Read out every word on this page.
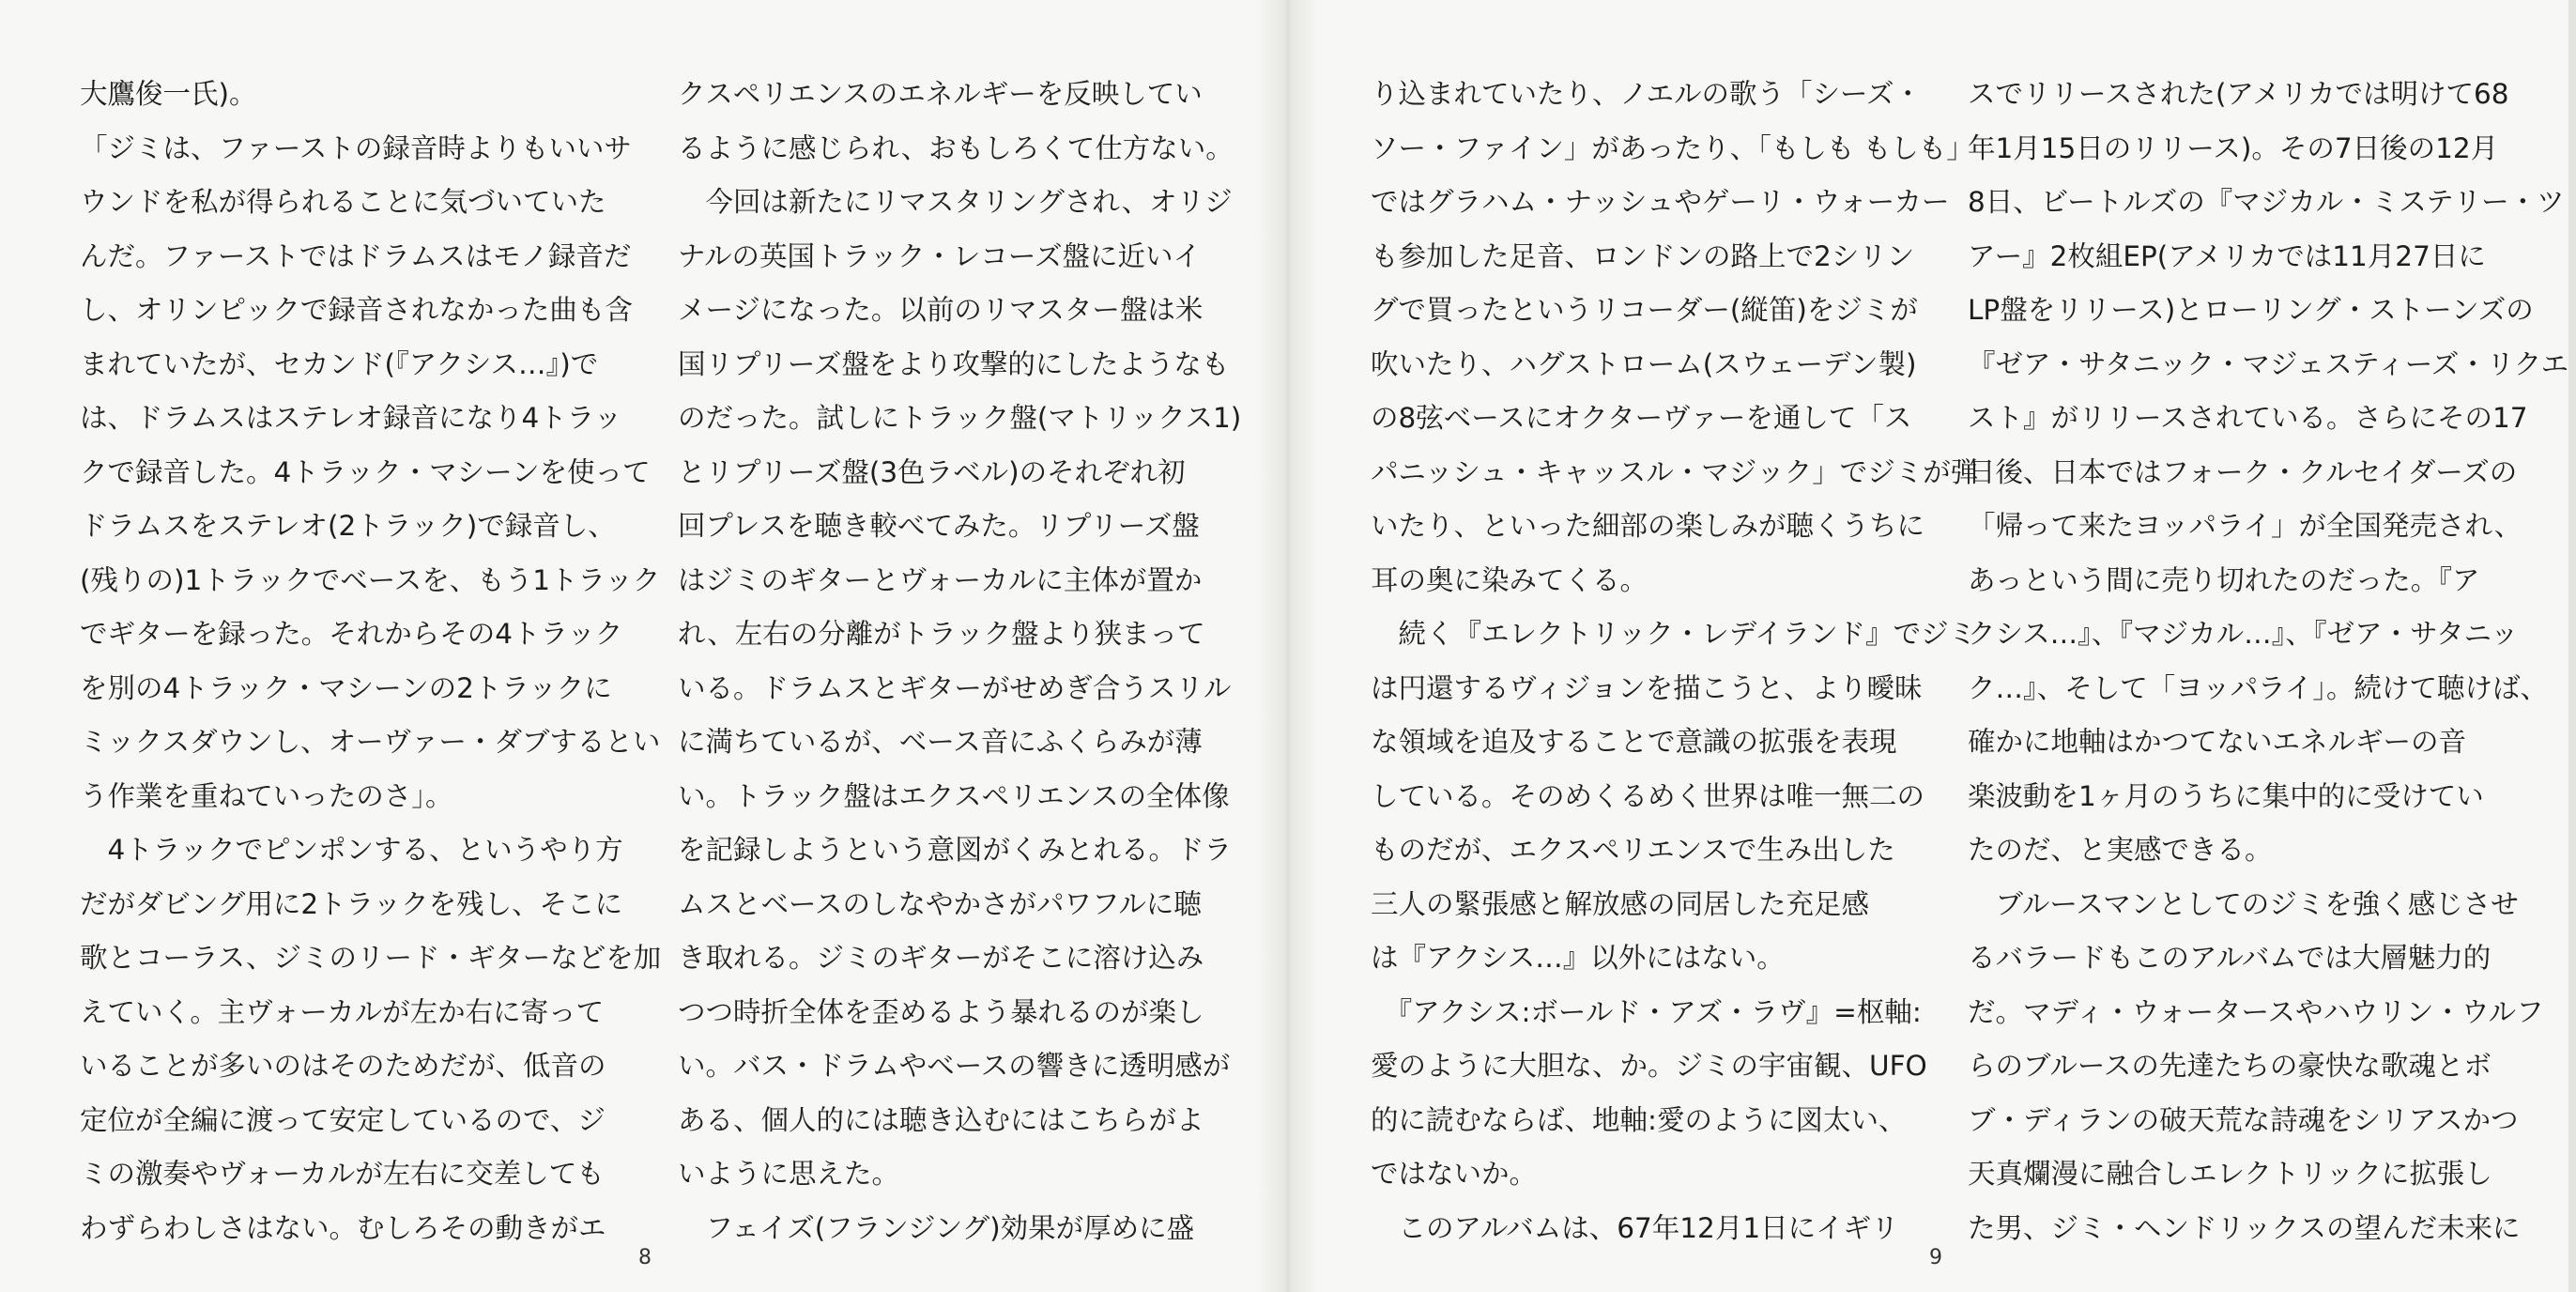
大鷹俊一氏)。
「ジミは、ファーストの録音時よりもいいサ
ウンドを私が得られることに気づいていた
んだ。ファーストではドラムスはモノ録音だ
し、オリンピックで録音されなかった曲も含
まれていたが、セカンド(『アクシス…』)で
は、ドラムスはステレオ録音になり4トラッ
クで録音した。4トラック・マシーンを使って
ドラムスをステレオ(2トラック)で録音し、
(残りの)1トラックでベースを、もう1トラック
でギターを録った。それからその4トラック
を別の4トラック・マシーンの2トラックに
ミックスダウンし、オーヴァー・ダブするとい
う作業を重ねていったのさ」。
　4トラックでピンポンする、というやり方
だがダビング用に2トラックを残し、そこに
歌とコーラス、ジミのリード・ギターなどを加
えていく。主ヴォーカルが左か右に寄って
いることが多いのはそのためだが、低音の
定位が全編に渡って安定しているので、ジ
ミの激奏やヴォーカルが左右に交差しても
わずらわしさはない。むしろその動きがエ
クスペリエンスのエネルギーを反映してい
るように感じられ、おもしろくて仕方ない。
　今回は新たにリマスタリングされ、オリジ
ナルの英国トラック・レコーズ盤に近いイ
メージになった。以前のリマスター盤は米
国リプリーズ盤をより攻撃的にしたようなも
のだった。試しにトラック盤(マトリックス1)
とリプリーズ盤(3色ラベル)のそれぞれ初
回プレスを聴き較べてみた。リプリーズ盤
はジミのギターとヴォーカルに主体が置か
れ、左右の分離がトラック盤より狭まって
いる。ドラムスとギターがせめぎ合うスリル
に満ちているが、ベース音にふくらみが薄
い。トラック盤はエクスペリエンスの全体像
を記録しようという意図がくみとれる。ドラ
ムスとベースのしなやかさがパワフルに聴
き取れる。ジミのギターがそこに溶け込み
つつ時折全体を歪めるよう暴れるのが楽し
い。バス・ドラムやベースの響きに透明感が
ある、個人的には聴き込むにはこちらがよ
いように思えた。
　フェイズ(フランジング)効果が厚めに盛
り込まれていたり、ノエルの歌う「シーズ・
ソー・ファイン」があったり、「もしも もしも」
ではグラハム・ナッシュやゲーリ・ウォーカー
も参加した足音、ロンドンの路上で2シリン
グで買ったというリコーダー(縦笛)をジミが
吹いたり、ハグストローム(スウェーデン製)
の8弦ベースにオクターヴァーを通して「ス
パニッシュ・キャッスル・マジック」でジミが弾
いたり、といった細部の楽しみが聴くうちに
耳の奥に染みてくる。
　続く『エレクトリック・レデイランド』でジミ
は円還するヴィジョンを描こうと、より曖昧
な領域を追及することで意識の拡張を表現
している。そのめくるめく世界は唯一無二の
ものだが、エクスペリエンスで生み出した
三人の緊張感と解放感の同居した充足感
は『アクシス…』以外にはない。
　『アクシス:ボールド・アズ・ラヴ』=枢軸:
愛のように大胆な、か。ジミの宇宙観、UFO
的に読むならば、地軸:愛のように図太い、
ではないか。
　このアルバムは、67年12月1日にイギリ
スでリリースされた(アメリカでは明けて68
年1月15日のリリース)。その7日後の12月
8日、ビートルズの『マジカル・ミステリー・ツ
アー』2枚組EP(アメリカでは11月27日に
LP盤をリリース)とローリング・ストーンズの
『ゼア・サタニック・マジェスティーズ・リクエ
スト』がリリースされている。さらにその17
日後、日本ではフォーク・クルセイダーズの
「帰って来たヨッパライ」が全国発売され、
あっという間に売り切れたのだった。『ア
クシス…』、『マジカル…』、『ゼア・サタニッ
ク…』、そして「ヨッパライ」。続けて聴けば、
確かに地軸はかつてないエネルギーの音
楽波動を1ヶ月のうちに集中的に受けてい
たのだ、と実感できる。
　ブルースマンとしてのジミを強く感じさせ
るバラードもこのアルバムでは大層魅力的
だ。マディ・ウォータースやハウリン・ウルフ
らのブルースの先達たちの豪快な歌魂とボ
ブ・ディランの破天荒な詩魂をシリアスかつ
天真爛漫に融合しエレクトリックに拡張し
た男、ジミ・ヘンドリックスの望んだ未来に
8	9
